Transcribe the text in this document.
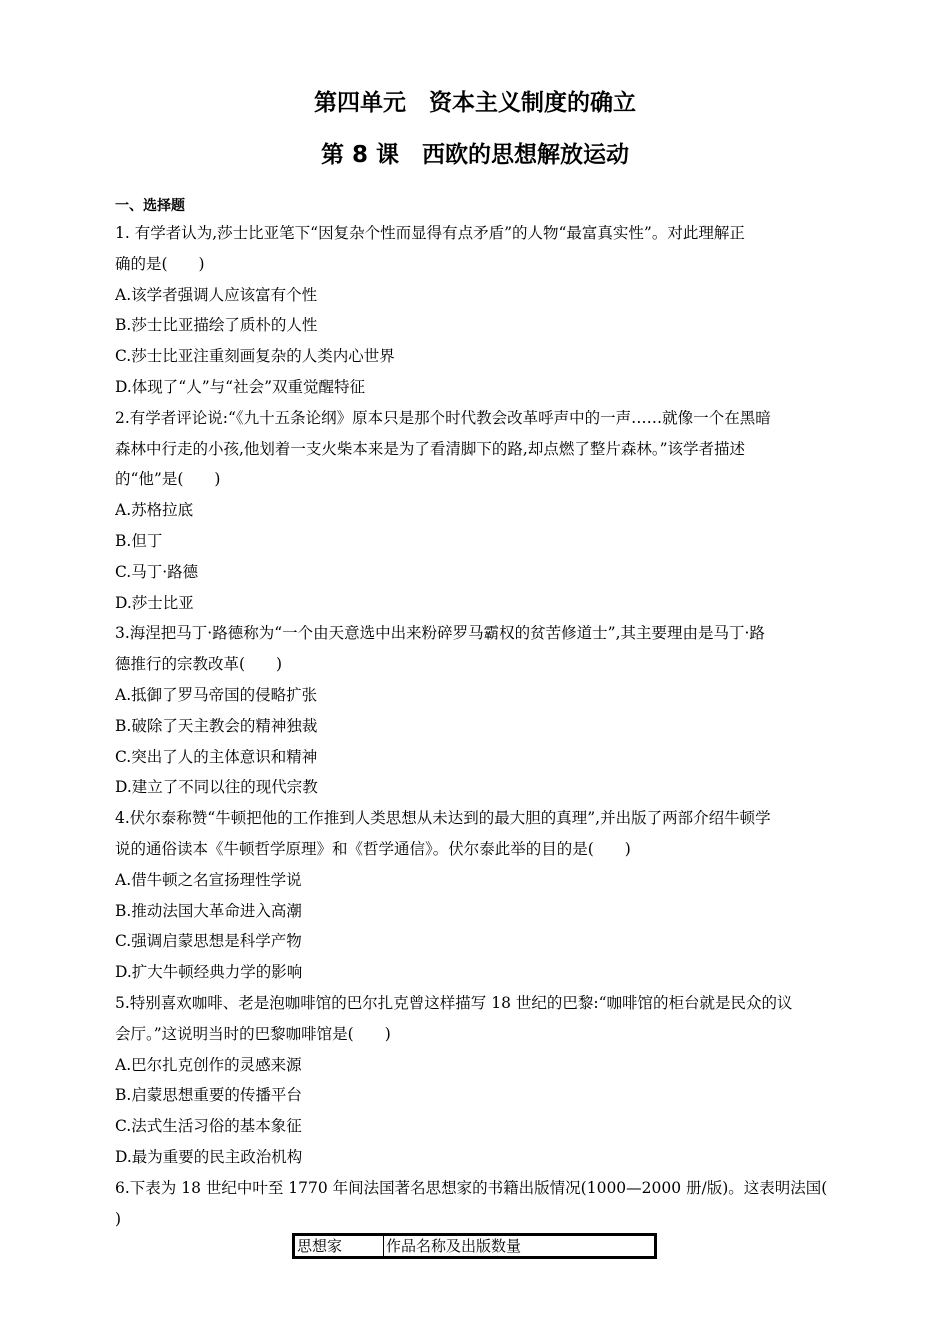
第四单元　资本主义制度的确立
第 8 课　西欧的思想解放运动
一、选择题
1. 有学者认为,莎士比亚笔下“因复杂个性而显得有点矛盾”的人物“最富真实性”。对此理解正
确的是(　　)
A.该学者强调人应该富有个性
B.莎士比亚描绘了质朴的人性
C.莎士比亚注重刻画复杂的人类内心世界
D.体现了“人”与“社会”双重觉醒特征
2.有学者评论说:“《九十五条论纲》原本只是那个时代教会改革呼声中的一声……就像一个在黑暗
森林中行走的小孩,他划着一支火柴本来是为了看清脚下的路,却点燃了整片森林。”该学者描述
的“他”是(　　)
A.苏格拉底
B.但丁
C.马丁·路德
D.莎士比亚
3.海涅把马丁·路德称为“一个由天意选中出来粉碎罗马霸权的贫苦修道士”,其主要理由是马丁·路
德推行的宗教改革(　　)
A.抵御了罗马帝国的侵略扩张
B.破除了天主教会的精神独裁
C.突出了人的主体意识和精神
D.建立了不同以往的现代宗教
4.伏尔泰称赞“牛顿把他的工作推到人类思想从未达到的最大胆的真理”,并出版了两部介绍牛顿学
说的通俗读本《牛顿哲学原理》和《哲学通信》。伏尔泰此举的目的是(　　)
A.借牛顿之名宣扬理性学说
B.推动法国大革命进入高潮
C.强调启蒙思想是科学产物
D.扩大牛顿经典力学的影响
5.特别喜欢咖啡、老是泡咖啡馆的巴尔扎克曾这样描写 18 世纪的巴黎:“咖啡馆的柜台就是民众的议
会厅。”这说明当时的巴黎咖啡馆是(　　)
A.巴尔扎克创作的灵感来源
B.启蒙思想重要的传播平台
C.法式生活习俗的基本象征
D.最为重要的民主政治机构
6.下表为 18 世纪中叶至 1770 年间法国著名思想家的书籍出版情况(1000—2000 册/版)。这表明法国(
)
思想家	作品名称及出版数量
